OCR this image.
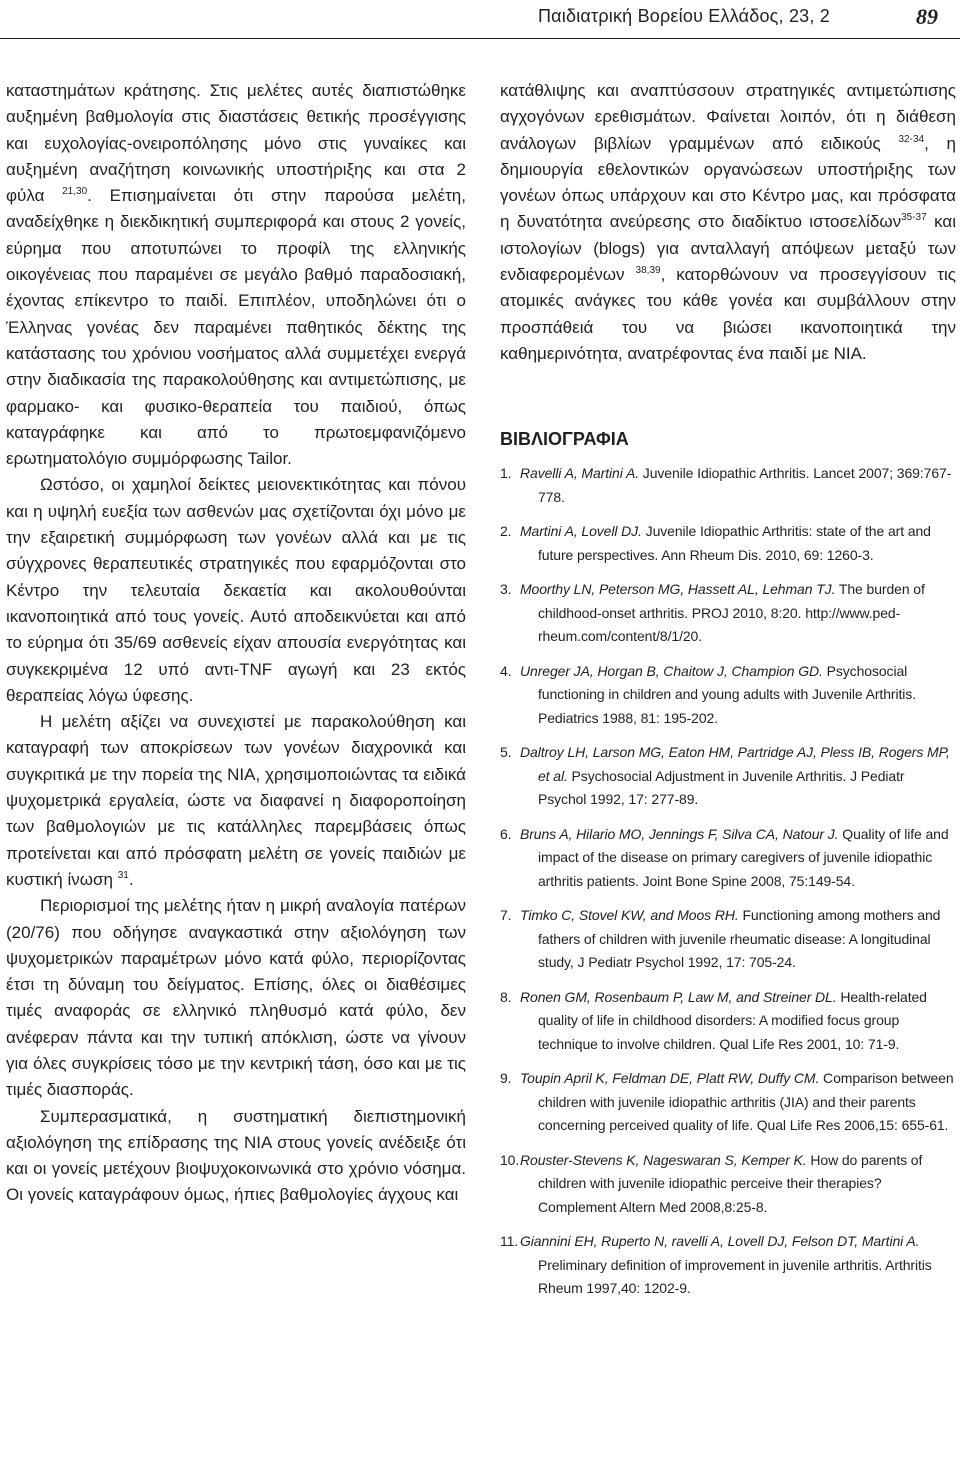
Παιδιατρική Βορείου Ελλάδος, 23, 2	89

καταστημάτων κράτησης. Στις μελέτες αυτές διαπιστώθηκε αυξημένη βαθμολογία στις διαστάσεις θετικής προσέγγισης και ευχολογίας-ονειροπόλησης μόνο στις γυναίκες και αυξημένη αναζήτηση κοινωνικής υποστήριξης και στα 2 φύλα $^{21,30}$. Επισημαίνεται ότι στην παρούσα μελέτη, αναδείχθηκε η διεκδικητική συμπεριφορά και στους 2 γονείς, εύρημα που αποτυπώνει το προφίλ της ελληνικής οικογένειας που παραμένει σε μεγάλο βαθμό παραδοσιακή, έχοντας επίκεντρο το παιδί. Επιπλέον, υποδηλώνει ότι ο Έλληνας γονέας δεν παραμένει παθητικός δέκτης της κατάστασης του χρόνιου νοσήματος αλλά συμμετέχει ενεργά στην διαδικασία της παρακολούθησης και αντιμετώπισης, με φαρμακο- και φυσικο-θεραπεία του παιδιού, όπως καταγράφηκε και από το πρωτοεμφανιζόμενο ερωτηματολόγιο συμμόρφωσης Tailor.

Ωστόσο, οι χαμηλοί δείκτες μειονεκτικότητας και πόνου και η υψηλή ευεξία των ασθενών μας σχετίζονται όχι μόνο με την εξαιρετική συμμόρφωση των γονέων αλλά και με τις σύγχρονες θεραπευτικές στρατηγικές που εφαρμόζονται στο Κέντρο την τελευταία δεκαετία και ακολουθούνται ικανοποιητικά από τους γονείς. Αυτό αποδεικνύεται και από το εύρημα ότι 35/69 ασθενείς είχαν απουσία ενεργότητας και συγκεκριμένα 12 υπό αντι-TNF αγωγή και 23 εκτός θεραπείας λόγω ύφεσης.

Η μελέτη αξίζει να συνεχιστεί με παρακολούθηση και καταγραφή των αποκρίσεων των γονέων διαχρονικά και συγκριτικά με την πορεία της ΝΙΑ, χρησιμοποιώντας τα ειδικά ψυχομετρικά εργαλεία, ώστε να διαφανεί η διαφοροποίηση των βαθμολογιών με τις κατάλληλες παρεμβάσεις όπως προτείνεται και από πρόσφατη μελέτη σε γονείς παιδιών με κυστική ίνωση $^{31}$.

Περιορισμοί της μελέτης ήταν η μικρή αναλογία πατέρων (20/76) που οδήγησε αναγκαστικά στην αξιολόγηση των ψυχομετρικών παραμέτρων μόνο κατά φύλο, περιορίζοντας έτσι τη δύναμη του δείγματος. Επίσης, όλες οι διαθέσιμες τιμές αναφοράς σε ελληνικό πληθυσμό κατά φύλο, δεν ανέφεραν πάντα και την τυπική απόκλιση, ώστε να γίνουν για όλες συγκρίσεις τόσο με την κεντρική τάση, όσο και με τις τιμές διασποράς.

Συμπερασματικά, η συστηματική διεπιστημονική αξιολόγηση της επίδρασης της ΝΙΑ στους γονείς ανέδειξε ότι και οι γονείς μετέχουν βιοψυχοκοινωνικά στο χρόνιο νόσημα. Οι γονείς καταγράφουν όμως, ήπιες βαθμολογίες άγχους και

κατάθλιψης και αναπτύσσουν στρατηγικές αντιμετώπισης αγχογόνων ερεθισμάτων. Φαίνεται λοιπόν, ότι η διάθεση ανάλογων βιβλίων γραμμένων από ειδικούς $^{32-34}$, η δημιουργία εθελοντικών οργανώσεων υποστήριξης των γονέων όπως υπάρχουν και στο Κέντρο μας, και πρόσφατα η δυνατότητα ανεύρεσης στο διαδίκτυο ιστοσελίδων$^{35-37}$ και ιστολογίων (blogs) για ανταλλαγή απόψεων μεταξύ των ενδιαφερομένων $^{38,39}$, κατορθώνουν να προσεγγίσουν τις ατομικές ανάγκες του κάθε γονέα και συμβάλλουν στην προσπάθειά του να βιώσει ικανοποιητικά την καθημερινότητα, ανατρέφοντας ένα παιδί με ΝΙΑ.

ΒΙΒΛΙΟΓΡΑΦΙΑ
1. Ravelli A, Martini A. Juvenile Idiopathic Arthritis. Lancet 2007; 369:767-778.
2. Martini A, Lovell DJ. Juvenile Idiopathic Arthritis: state of the art and future perspectives. Ann Rheum Dis. 2010, 69: 1260-3.
3. Moorthy LN, Peterson MG, Hassett AL, Lehman TJ. The burden of childhood-onset arthritis. PROJ 2010, 8:20. http://www.ped-rheum.com/content/8/1/20.
4. Unreger JA, Horgan B, Chaitow J, Champion GD. Psychosocial functioning in children and young adults with Juvenile Arthritis. Pediatrics 1988, 81: 195-202.
5. Daltroy LH, Larson MG, Eaton HM, Partridge AJ, Pless IB, Rogers MP, et al. Psychosocial Adjustment in Juvenile Arthritis. J Pediatr Psychol 1992, 17: 277-89.
6. Bruns A, Hilario MO, Jennings F, Silva CA, Natour J. Quality of life and impact of the disease on primary caregivers of juvenile idiopathic arthritis patients. Joint Bone Spine 2008, 75:149-54.
7. Timko C, Stovel KW, and Moos RH. Functioning among mothers and fathers of children with juvenile rheumatic disease: A longitudinal study, J Pediatr Psychol 1992, 17: 705-24.
8. Ronen GM, Rosenbaum P, Law M, and Streiner DL. Health-related quality of life in childhood disorders: A modified focus group technique to involve children. Qual Life Res 2001, 10: 71-9.
9. Toupin April K, Feldman DE, Platt RW, Duffy CM. Comparison between children with juvenile idiopathic arthritis (JIA) and their parents concerning perceived quality of life. Qual Life Res 2006,15: 655-61.
10.Rouster-Stevens K, Nageswaran S, Kemper K. How do parents of children with juvenile idiopathic perceive their therapies? Complement Altern Med 2008,8:25-8.
11. Giannini EH, Ruperto N, ravelli A, Lovell DJ, Felson DT, Martini A. Preliminary definition of improvement in juvenile arthritis. Arthritis Rheum 1997,40: 1202-9.
